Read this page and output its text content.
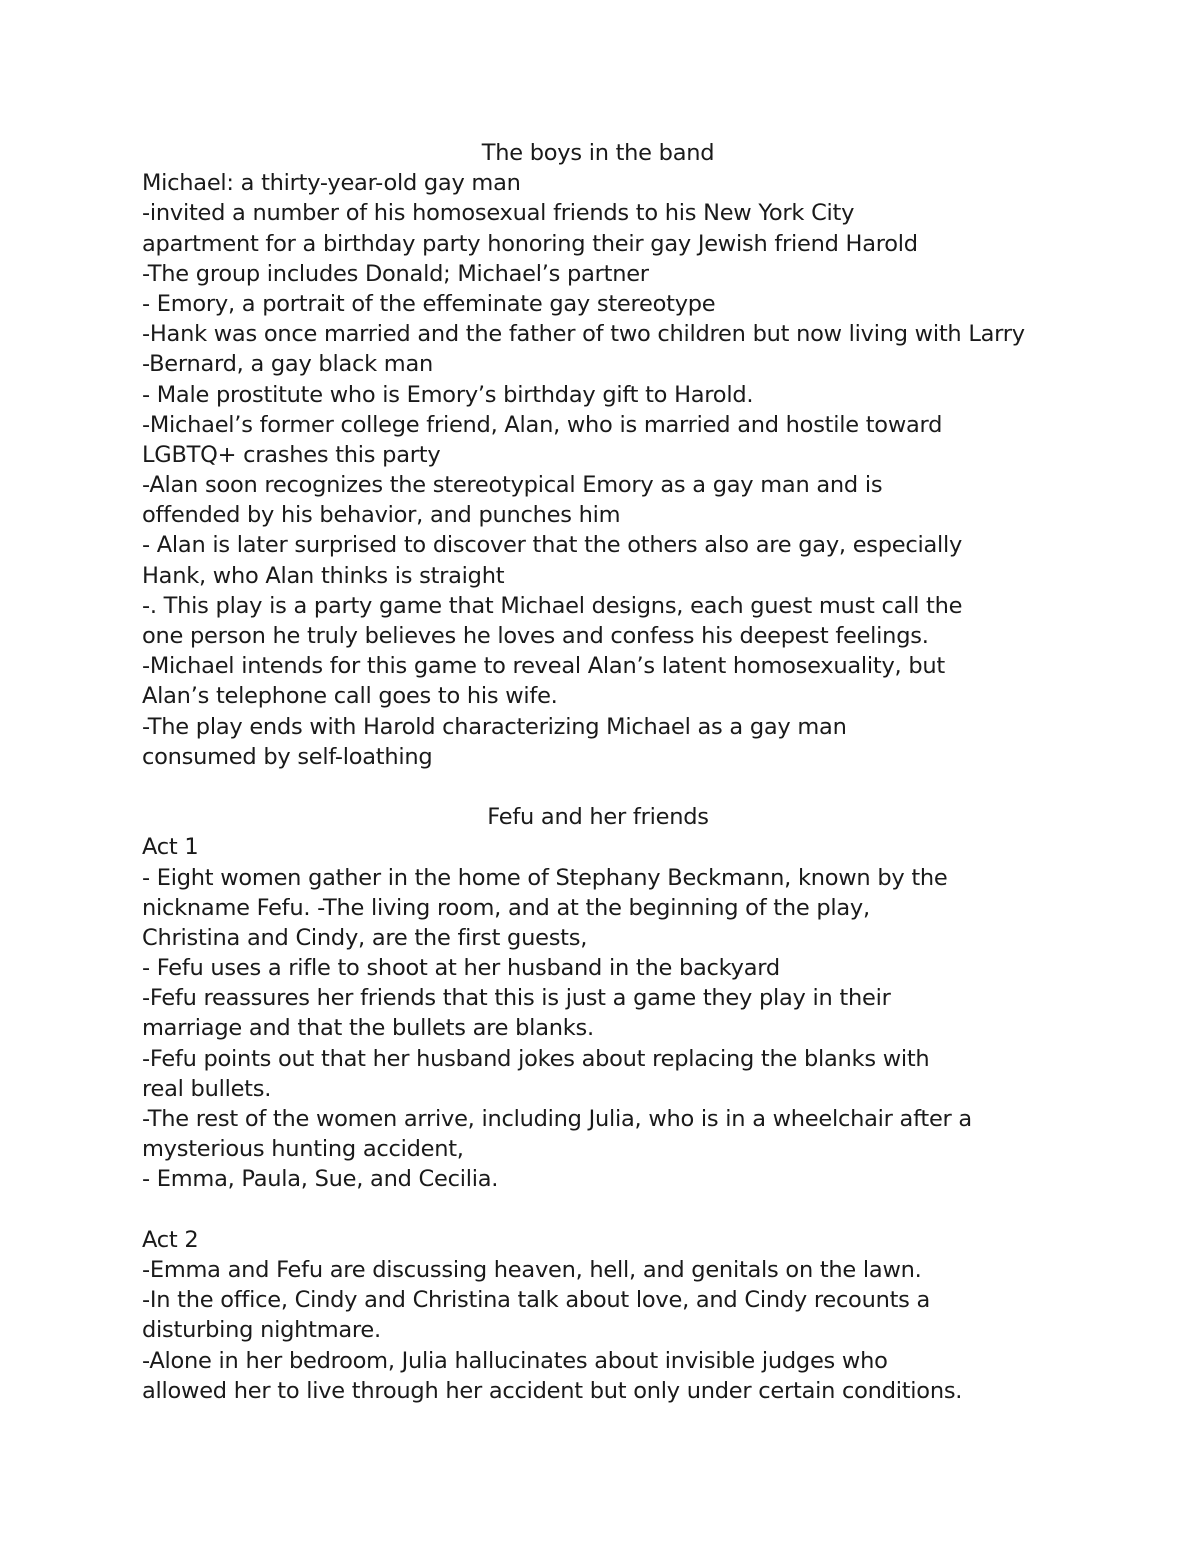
The boys in the band
Michael: a thirty-year-old gay man
-invited a number of his homosexual friends to his New York City
apartment for a birthday party honoring their gay Jewish friend Harold
-The group includes Donald; Michael’s partner
- Emory, a portrait of the effeminate gay stereotype
-Hank was once married and the father of two children but now living with Larry
-Bernard, a gay black man
- Male prostitute who is Emory’s birthday gift to Harold.
-Michael’s former college friend, Alan, who is married and hostile toward
LGBTQ+ crashes this party
-Alan soon recognizes the stereotypical Emory as a gay man and is
offended by his behavior, and punches him
- Alan is later surprised to discover that the others also are gay, especially
Hank, who Alan thinks is straight
-. This play is a party game that Michael designs, each guest must call the
one person he truly believes he loves and confess his deepest feelings.
-Michael intends for this game to reveal Alan’s latent homosexuality, but
Alan’s telephone call goes to his wife.
-The play ends with Harold characterizing Michael as a gay man
consumed by self-loathing
Fefu and her friends
Act 1
- Eight women gather in the home of Stephany Beckmann, known by the
nickname Fefu. -The living room, and at the beginning of the play,
Christina and Cindy, are the first guests,
- Fefu uses a rifle to shoot at her husband in the backyard
-Fefu reassures her friends that this is just a game they play in their
marriage and that the bullets are blanks.
-Fefu points out that her husband jokes about replacing the blanks with
real bullets.
-The rest of the women arrive, including Julia, who is in a wheelchair after a
mysterious hunting accident,
- Emma, Paula, Sue, and Cecilia.
Act 2
-Emma and Fefu are discussing heaven, hell, and genitals on the lawn.
-In the office, Cindy and Christina talk about love, and Cindy recounts a
disturbing nightmare.
-Alone in her bedroom, Julia hallucinates about invisible judges who
allowed her to live through her accident but only under certain conditions.
